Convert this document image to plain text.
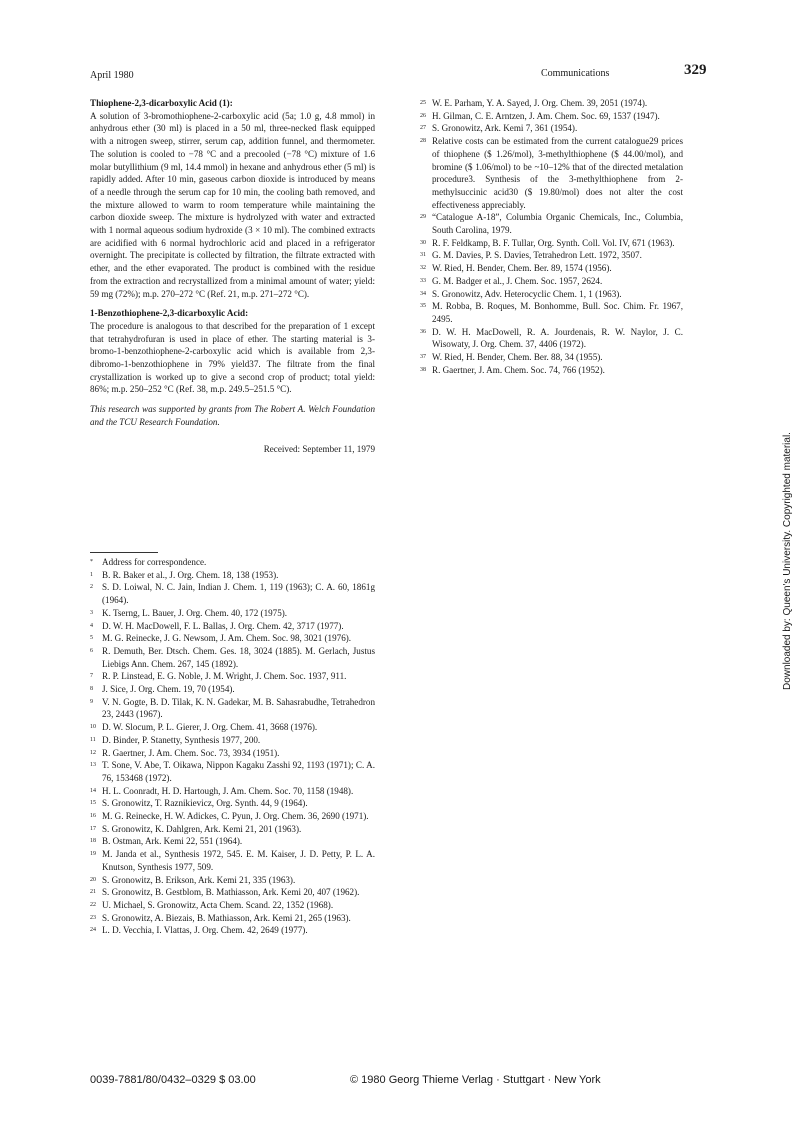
April 1980	Communications	329

Thiophene-2,3-dicarboxylic Acid (1):

A solution of 3-bromothiophene-2-carboxylic acid (5a; 1.0 g, 4.8 mmol) in anhydrous ether (30 ml) is placed in a 50 ml, three-necked flask equipped with a nitrogen sweep, stirrer, serum cap, addition funnel, and thermometer. The solution is cooled to −78 °C and a precooled (−78 °C) mixture of 1.6 molar butyllithium (9 ml, 14.4 mmol) in hexane and anhydrous ether (5 ml) is rapidly added. After 10 min, gaseous carbon dioxide is introduced by means of a needle through the serum cap for 10 min, the cooling bath removed, and the mixture allowed to warm to room temperature while maintaining the carbon dioxide sweep. The mixture is hydrolyzed with water and extracted with 1 normal aqueous sodium hydroxide (3 × 10 ml). The combined extracts are acidified with 6 normal hydrochloric acid and placed in a refrigerator overnight. The precipitate is collected by filtration, the filtrate extracted with ether, and the ether evaporated. The product is combined with the residue from the extraction and recrystallized from a minimal amount of water; yield: 59 mg (72%); m.p. 270–272 °C (Ref. 21, m.p. 271–272 °C).

1-Benzothiophene-2,3-dicarboxylic Acid:

The procedure is analogous to that described for the preparation of 1 except that tetrahydrofuran is used in place of ether. The starting material is 3-bromo-1-benzothiophene-2-carboxylic acid which is available from 2,3-dibromo-1-benzothiophene in 79% yield37. The filtrate from the final crystallization is worked up to give a second crop of product; total yield: 86%; m.p. 250–252 °C (Ref. 38, m.p. 249.5–251.5 °C).

This research was supported by grants from The Robert A. Welch Foundation and the TCU Research Foundation.

Received: September 11, 1979

* Address for correspondence.
1 B. R. Baker et al., J. Org. Chem. 18, 138 (1953).
2 S. D. Loiwal, N. C. Jain, Indian J. Chem. 1, 119 (1963); C. A. 60, 1861g (1964).
3 K. Tserng, L. Bauer, J. Org. Chem. 40, 172 (1975).
4 D. W. H. MacDowell, F. L. Ballas, J. Org. Chem. 42, 3717 (1977).
5 M. G. Reinecke, J. G. Newsom, J. Am. Chem. Soc. 98, 3021 (1976).
6 R. Demuth, Ber. Dtsch. Chem. Ges. 18, 3024 (1885). M. Gerlach, Justus Liebigs Ann. Chem. 267, 145 (1892).
7 R. P. Linstead, E. G. Noble, J. M. Wright, J. Chem. Soc. 1937, 911.
8 J. Sice, J. Org. Chem. 19, 70 (1954).
9 V. N. Gogte, B. D. Tilak, K. N. Gadekar, M. B. Sahasrabudhe, Tetrahedron 23, 2443 (1967).
10 D. W. Slocum, P. L. Gierer, J. Org. Chem. 41, 3668 (1976).
11 D. Binder, P. Stanetty, Synthesis 1977, 200.
12 R. Gaertner, J. Am. Chem. Soc. 73, 3934 (1951).
13 T. Sone, V. Abe, T. Oikawa, Nippon Kagaku Zasshi 92, 1193 (1971); C. A. 76, 153468 (1972).
14 H. L. Coonradt, H. D. Hartough, J. Am. Chem. Soc. 70, 1158 (1948).
15 S. Gronowitz, T. Raznikievicz, Org. Synth. 44, 9 (1964).
16 M. G. Reinecke, H. W. Adickes, C. Pyun, J. Org. Chem. 36, 2690 (1971).
17 S. Gronowitz, K. Dahlgren, Ark. Kemi 21, 201 (1963).
18 B. Ostman, Ark. Kemi 22, 551 (1964).
19 M. Janda et al., Synthesis 1972, 545. E. M. Kaiser, J. D. Petty, P. L. A. Knutson, Synthesis 1977, 509.
20 S. Gronowitz, B. Erikson, Ark. Kemi 21, 335 (1963).
21 S. Gronowitz, B. Gestblom, B. Mathiasson, Ark. Kemi 20, 407 (1962).
22 U. Michael, S. Gronowitz, Acta Chem. Scand. 22, 1352 (1968).
23 S. Gronowitz, A. Biezais, B. Mathiasson, Ark. Kemi 21, 265 (1963).
24 L. D. Vecchia, I. Vlattas, J. Org. Chem. 42, 2649 (1977).
25 W. E. Parham, Y. A. Sayed, J. Org. Chem. 39, 2051 (1974).
26 H. Gilman, C. E. Arntzen, J. Am. Chem. Soc. 69, 1537 (1947).
27 S. Gronowitz, Ark. Kemi 7, 361 (1954).
28 Relative costs can be estimated from the current catalogue29 prices of thiophene ($ 1.26/mol), 3-methylthiophene ($ 44.00/mol), and bromine ($ 1.06/mol) to be ~10–12% that of the directed metalation procedure3. Synthesis of the 3-methylthiophene from 2-methylsuccinic acid30 ($ 19.80/mol) does not alter the cost effectiveness appreciably.
29 “Catalogue A-18”, Columbia Organic Chemicals, Inc., Columbia, South Carolina, 1979.
30 R. F. Feldkamp, B. F. Tullar, Org. Synth. Coll. Vol. IV, 671 (1963).
31 G. M. Davies, P. S. Davies, Tetrahedron Lett. 1972, 3507.
32 W. Ried, H. Bender, Chem. Ber. 89, 1574 (1956).
33 G. M. Badger et al., J. Chem. Soc. 1957, 2624.
34 S. Gronowitz, Adv. Heterocyclic Chem. 1, 1 (1963).
35 M. Robba, B. Roques, M. Bonhomme, Bull. Soc. Chim. Fr. 1967, 2495.
36 D. W. H. MacDowell, R. A. Jourdenais, R. W. Naylor, J. C. Wisowaty, J. Org. Chem. 37, 4406 (1972).
37 W. Ried, H. Bender, Chem. Ber. 88, 34 (1955).
38 R. Gaertner, J. Am. Chem. Soc. 74, 766 (1952).
0039-7881/80/0432–0329 $ 03.00	© 1980 Georg Thieme Verlag · Stuttgart · New York
Downloaded by: Queen's University. Copyrighted material.
